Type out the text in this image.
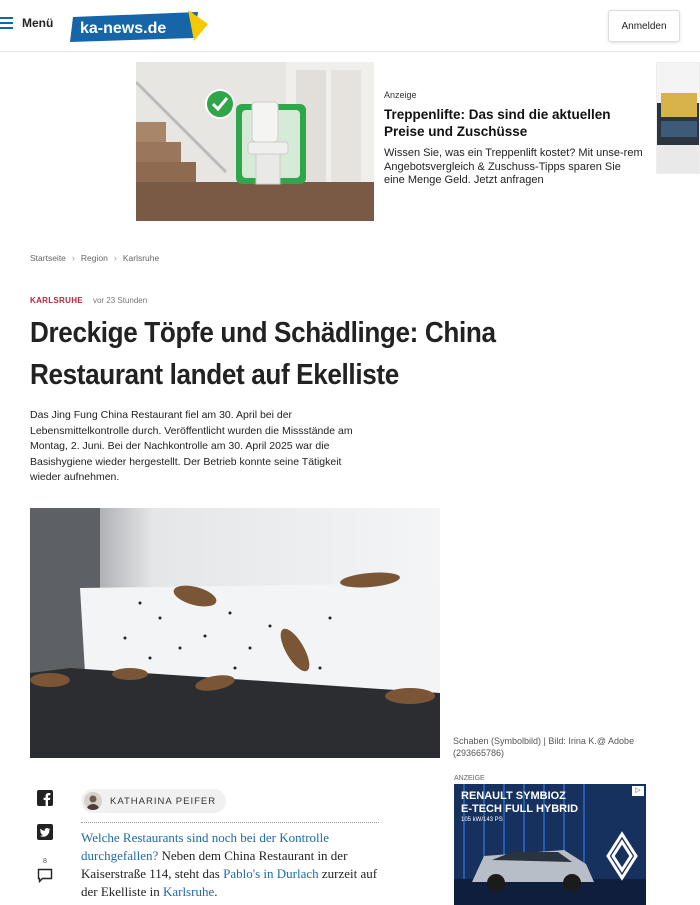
Menü ka-news.de	Anmelden
Anzeige
Treppenlifte: Das sind die aktuellen Preise und Zuschüsse
Wissen Sie, was ein Treppenlift kostet? Mit unse-rem Angebotsvergleich & Zuschuss-Tipps sparen Sie eine Menge Geld. Jetzt anfragen
Startseite › Region › Karlsruhe
KARLSRUHE vor 23 Stunden
Dreckige Töpfe und Schädlinge: China Restaurant landet auf Ekelliste

Das Jing Fung China Restaurant fiel am 30. April bei der Lebensmittelkontrolle durch. Veröffentlicht wurden die Missstände am Montag, 2. Juni. Bei der Nachkontrolle am 30. April 2025 war die Basishygiene wieder hergestellt. Der Betrieb konnte seine Tätigkeit wieder aufnehmen.

Schaben (Symbolbild) | Bild: Irina K.@ Adobe (293665786)
8
KATHARINA PEIFER

Welche Restaurants sind noch bei der Kontrolle durchgefallen? Neben dem China Restaurant in der Kaiserstraße 114, steht das Pablo's in Durlach zurzeit auf der Ekelliste in Karlsruhe.

ANZEIGE
RENAULT SYMBIOZ
E-TECH FULL HYBRID
105 kW/143 PS
▷
